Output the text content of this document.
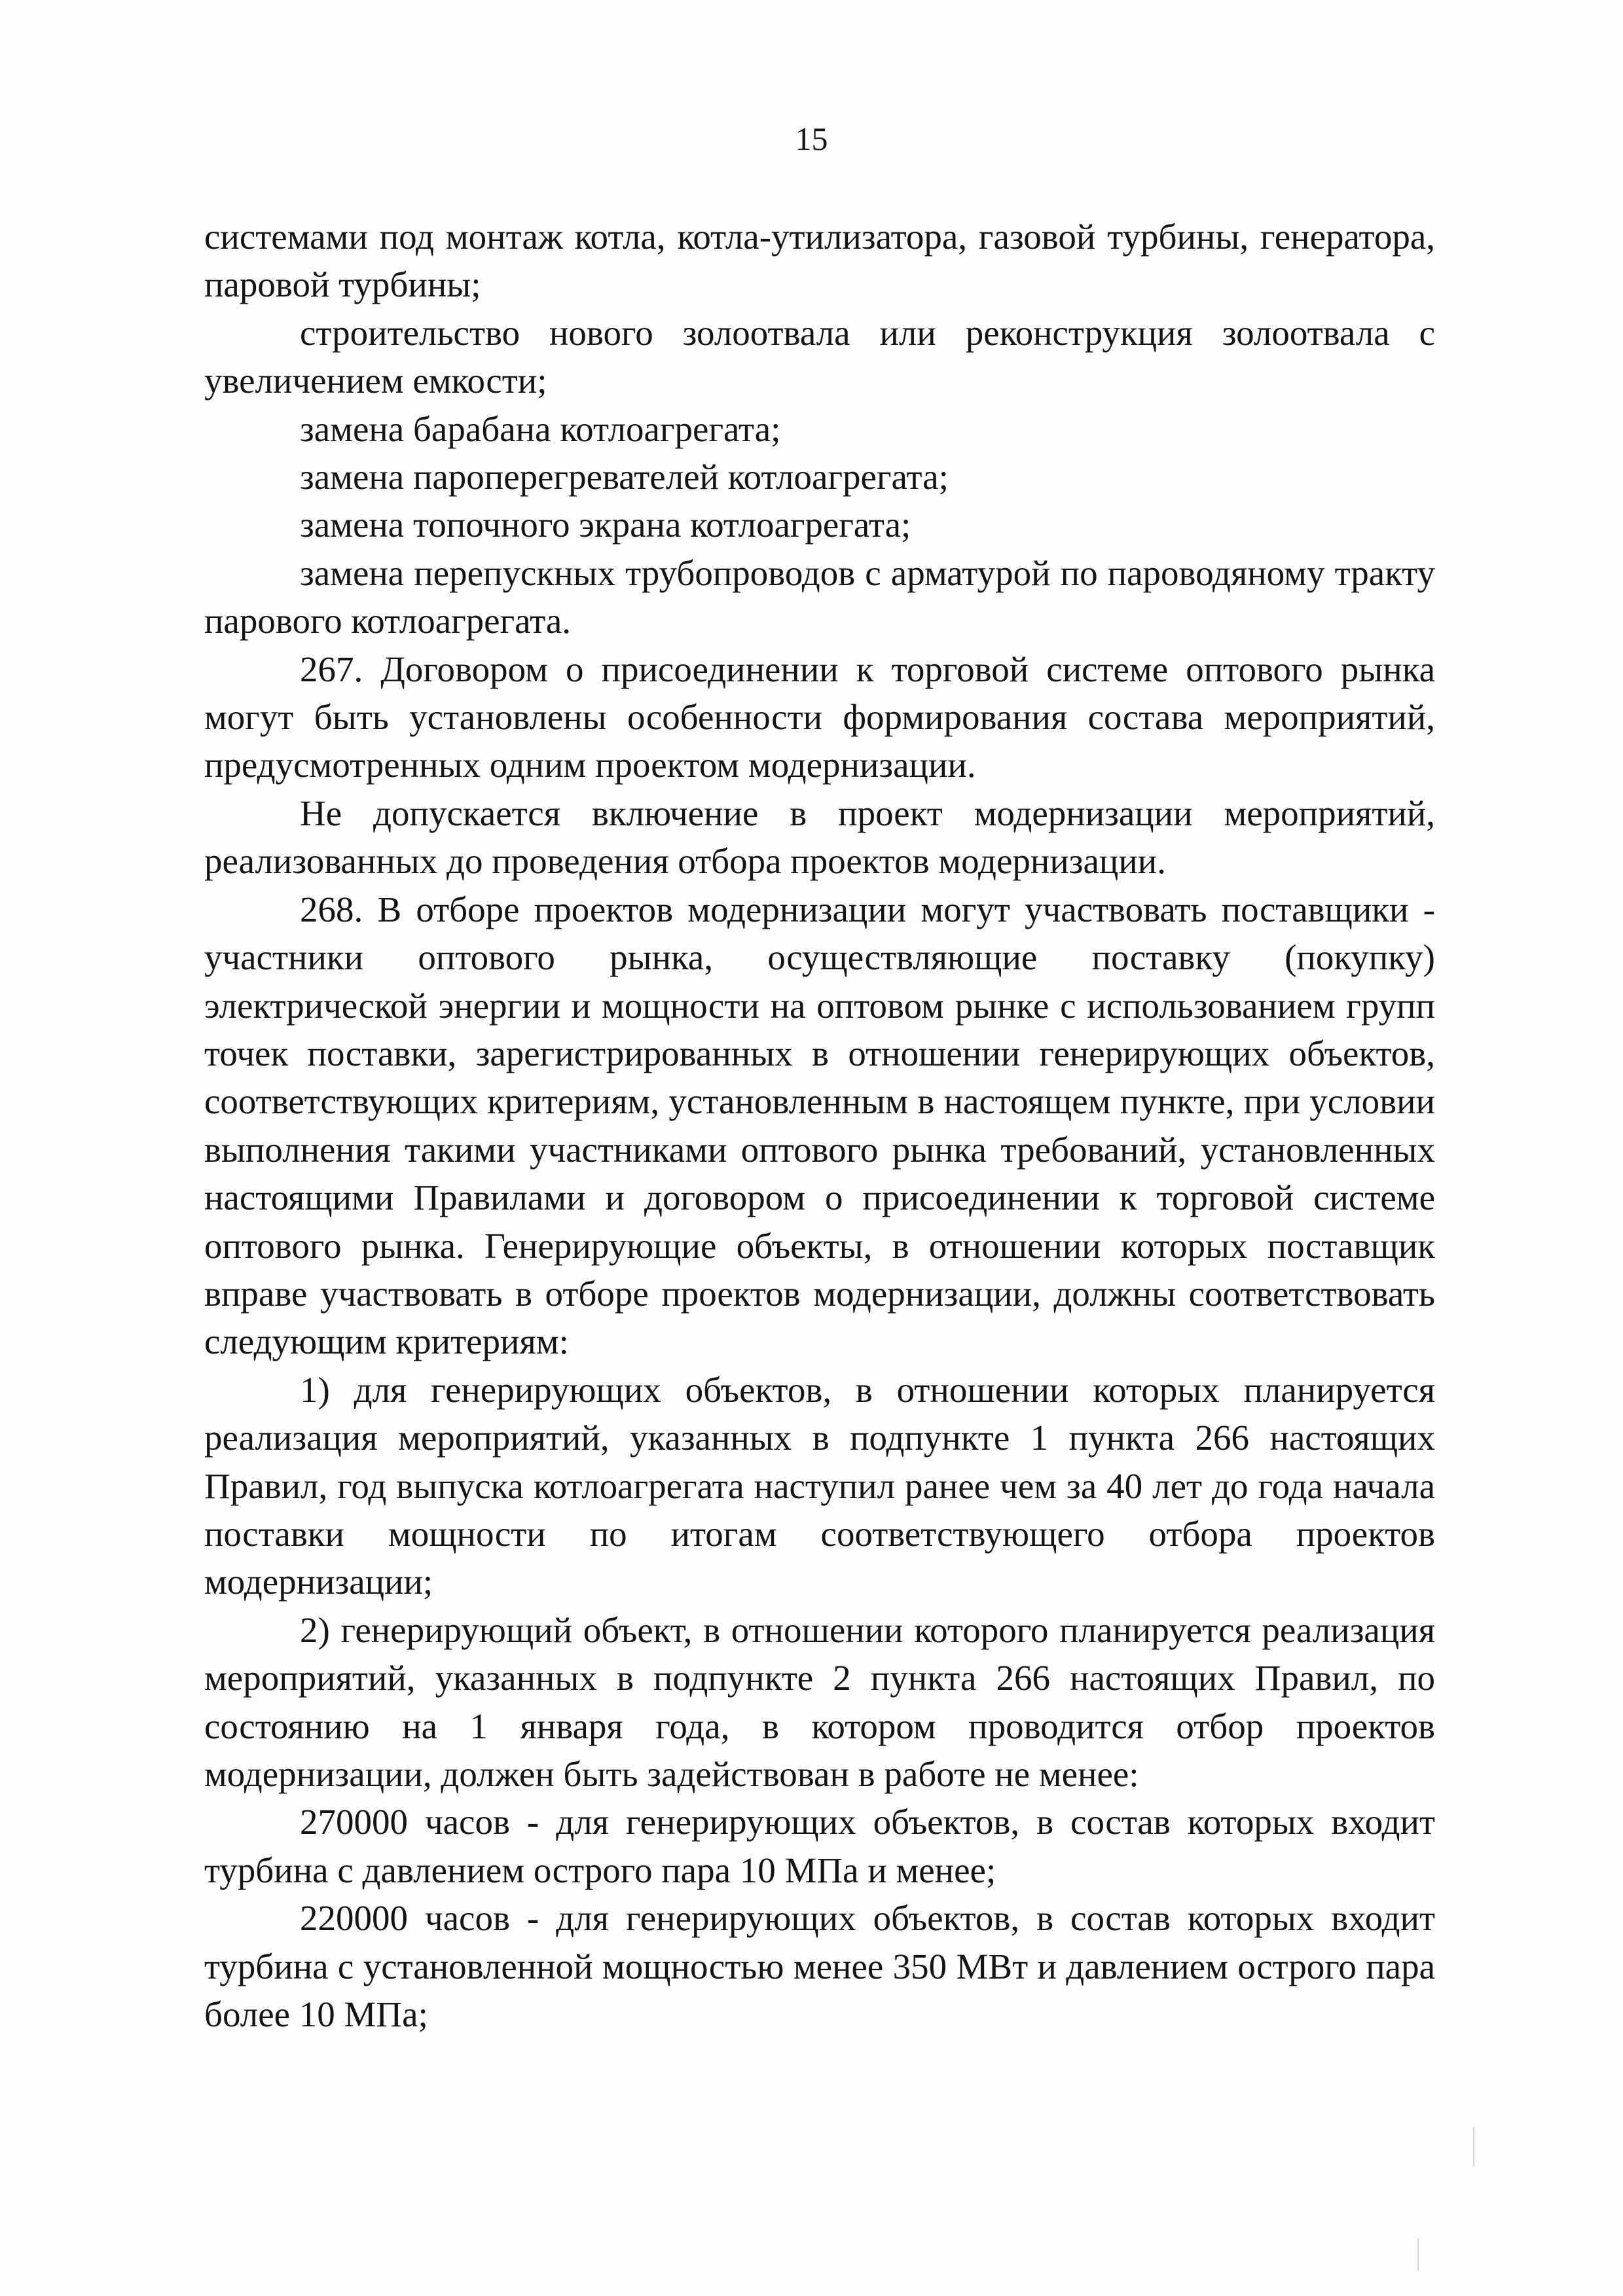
15

системами под монтаж котла, котла-утилизатора, газовой турбины, генератора, паровой турбины;

строительство нового золоотвала или реконструкция золоотвала с увеличением емкости;

замена барабана котлоагрегата;

замена пароперегревателей котлоагрегата;

замена топочного экрана котлоагрегата;

замена перепускных трубопроводов с арматурой по пароводяному тракту парового котлоагрегата.

267. Договором о присоединении к торговой системе оптового рынка могут быть установлены особенности формирования состава мероприятий, предусмотренных одним проектом модернизации.

Не допускается включение в проект модернизации мероприятий, реализованных до проведения отбора проектов модернизации.

268. В отборе проектов модернизации могут участвовать поставщики - участники оптового рынка, осуществляющие поставку (покупку) электрической энергии и мощности на оптовом рынке с использованием групп точек поставки, зарегистрированных в отношении генерирующих объектов, соответствующих критериям, установленным в настоящем пункте, при условии выполнения такими участниками оптового рынка требований, установленных настоящими Правилами и договором о присоединении к торговой системе оптового рынка. Генерирующие объекты, в отношении которых поставщик вправе участвовать в отборе проектов модернизации, должны соответствовать следующим критериям:

1) для генерирующих объектов, в отношении которых планируется реализация мероприятий, указанных в подпункте 1 пункта 266 настоящих Правил, год выпуска котлоагрегата наступил ранее чем за 40 лет до года начала поставки мощности по итогам соответствующего отбора проектов модернизации;

2) генерирующий объект, в отношении которого планируется реализация мероприятий, указанных в подпункте 2 пункта 266 настоящих Правил, по состоянию на 1 января года, в котором проводится отбор проектов модернизации, должен быть задействован в работе не менее:

270000 часов - для генерирующих объектов, в состав которых входит турбина с давлением острого пара 10 МПа и менее;

220000 часов - для генерирующих объектов, в состав которых входит турбина с установленной мощностью менее 350 МВт и давлением острого пара более 10 МПа;
